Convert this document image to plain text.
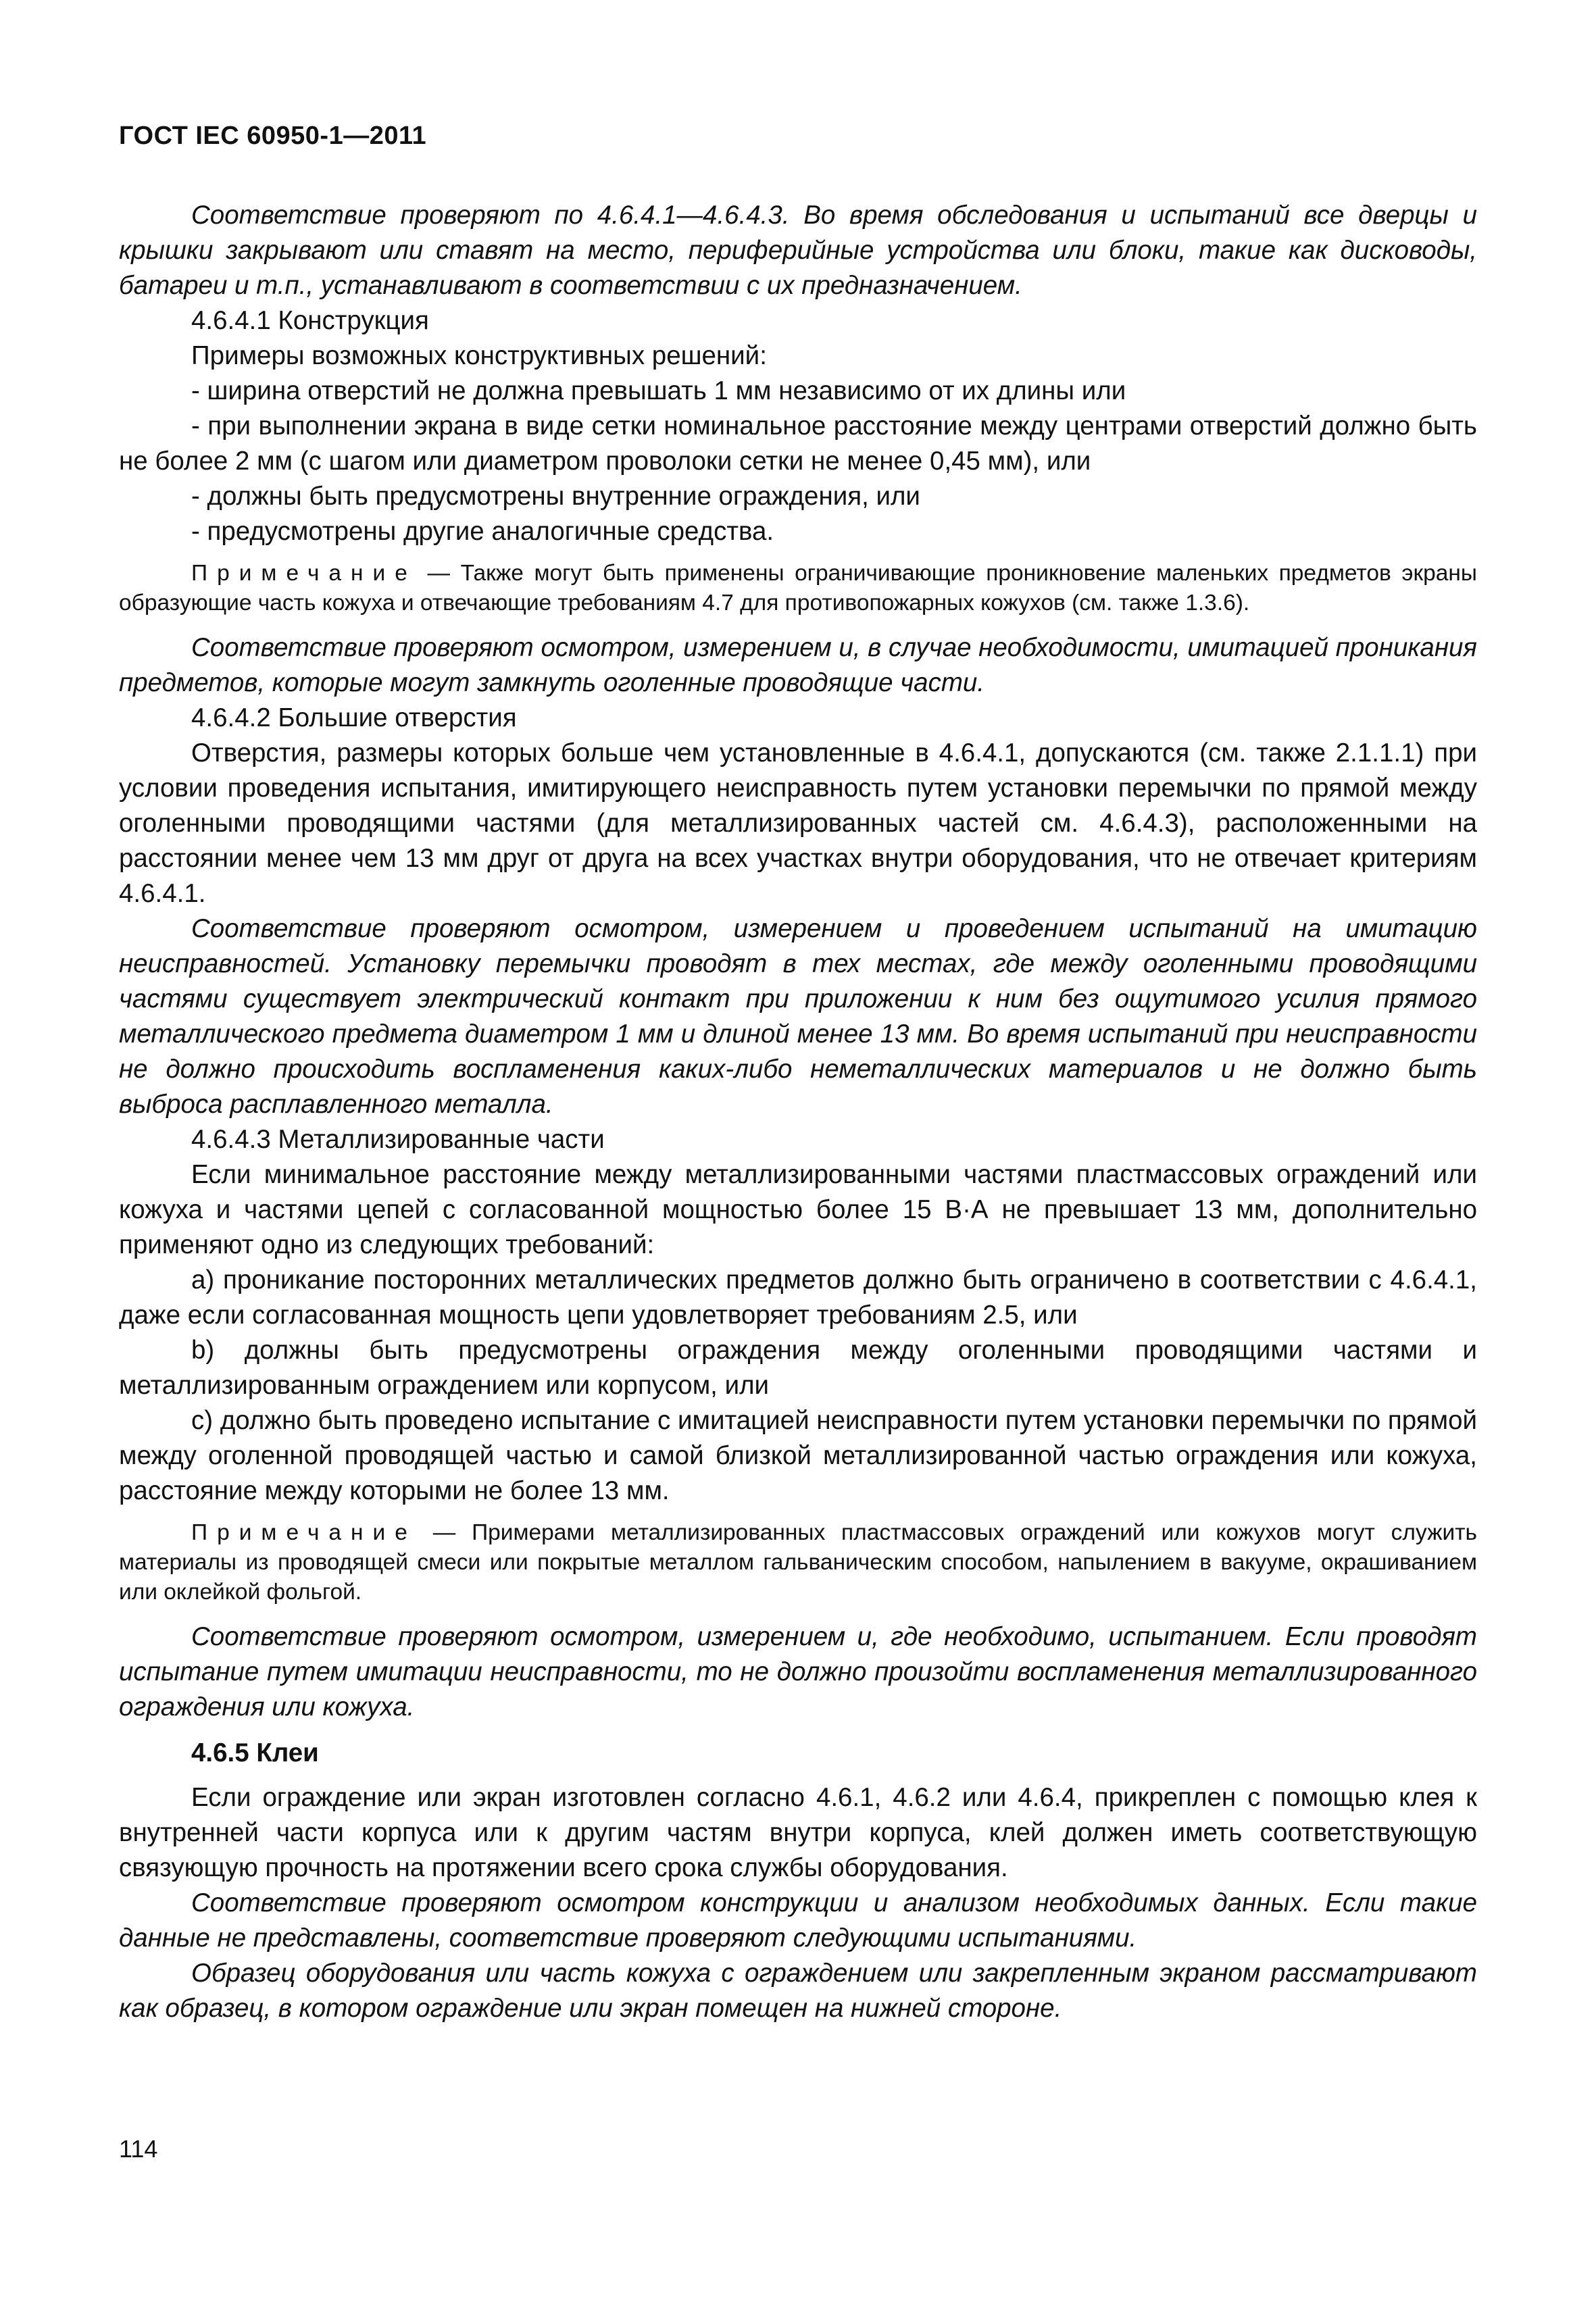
ГОСТ IEC 60950-1—2011

Соответствие проверяют по 4.6.4.1—4.6.4.3. Во время обследования и испытаний все дверцы и крышки закрывают или ставят на место, периферийные устройства или блоки, такие как дисководы, батареи и т.п., устанавливают в соответствии с их предназначением.

4.6.4.1 Конструкция

Примеры возможных конструктивных решений:

- ширина отверстий не должна превышать 1 мм независимо от их длины или

- при выполнении экрана в виде сетки номинальное расстояние между центрами отверстий должно быть не более 2 мм (с шагом или диаметром проволоки сетки не менее 0,45 мм), или

- должны быть предусмотрены внутренние ограждения, или

- предусмотрены другие аналогичные средства.

Примечание — Также могут быть применены ограничивающие проникновение маленьких предметов экраны образующие часть кожуха и отвечающие требованиям 4.7 для противопожарных кожухов (см. также 1.3.6).

Соответствие проверяют осмотром, измерением и, в случае необходимости, имитацией проникания предметов, которые могут замкнуть оголенные проводящие части.

4.6.4.2 Большие отверстия

Отверстия, размеры которых больше чем установленные в 4.6.4.1, допускаются (см. также 2.1.1.1) при условии проведения испытания, имитирующего неисправность путем установки перемычки по прямой между оголенными проводящими частями (для металлизированных частей см. 4.6.4.3), расположенными на расстоянии менее чем 13 мм друг от друга на всех участках внутри оборудования, что не отвечает критериям 4.6.4.1.

Соответствие проверяют осмотром, измерением и проведением испытаний на имитацию неисправностей. Установку перемычки проводят в тех местах, где между оголенными проводящими частями существует электрический контакт при приложении к ним без ощутимого усилия прямого металлического предмета диаметром 1 мм и длиной менее 13 мм. Во время испытаний при неисправности не должно происходить воспламенения каких-либо неметаллических материалов и не должно быть выброса расплавленного металла.

4.6.4.3 Металлизированные части

Если минимальное расстояние между металлизированными частями пластмассовых ограждений или кожуха и частями цепей с согласованной мощностью более 15 В·А не превышает 13 мм, дополнительно применяют одно из следующих требований:

а) проникание посторонних металлических предметов должно быть ограничено в соответствии с 4.6.4.1, даже если согласованная мощность цепи удовлетворяет требованиям 2.5, или

b) должны быть предусмотрены ограждения между оголенными проводящими частями и металлизированным ограждением или корпусом, или

с) должно быть проведено испытание с имитацией неисправности путем установки перемычки по прямой между оголенной проводящей частью и самой близкой металлизированной частью ограждения или кожуха, расстояние между которыми не более 13 мм.

Примечание — Примерами металлизированных пластмассовых ограждений или кожухов могут служить материалы из проводящей смеси или покрытые металлом гальваническим способом, напылением в вакууме, окрашиванием или оклейкой фольгой.

Соответствие проверяют осмотром, измерением и, где необходимо, испытанием. Если проводят испытание путем имитации неисправности, то не должно произойти воспламенения металлизированного ограждения или кожуха.

4.6.5 Клеи

Если ограждение или экран изготовлен согласно 4.6.1, 4.6.2 или 4.6.4, прикреплен с помощью клея к внутренней части корпуса или к другим частям внутри корпуса, клей должен иметь соответствующую связующую прочность на протяжении всего срока службы оборудования.

Соответствие проверяют осмотром конструкции и анализом необходимых данных. Если такие данные не представлены, соответствие проверяют следующими испытаниями.

Образец оборудования или часть кожуха с ограждением или закрепленным экраном рассматривают как образец, в котором ограждение или экран помещен на нижней стороне.

114
